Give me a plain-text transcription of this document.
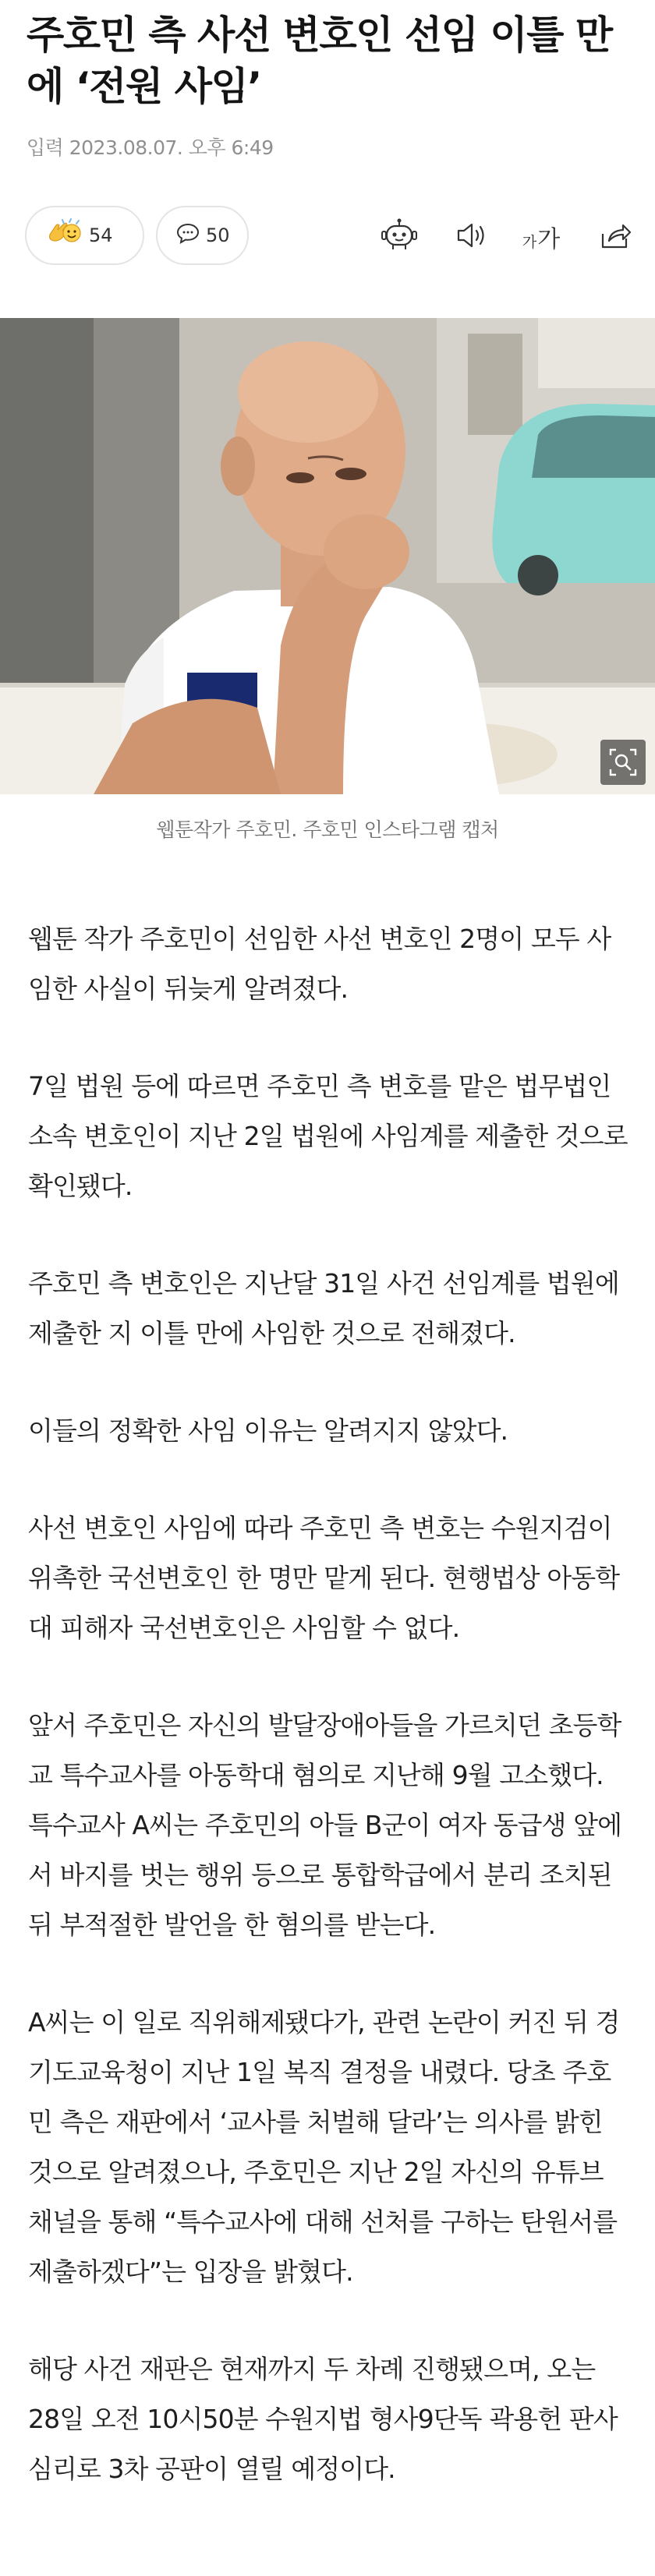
주호민 측 사선 변호인 선임 이틀 만에 ‘전원 사임’
입력 2023.08.07. 오후 6:49
54	50	가가
웹툰작가 주호민. 주호민 인스타그램 캡처

웹툰 작가 주호민이 선임한 사선 변호인 2명이 모두 사임한 사실이 뒤늦게 알려졌다.

7일 법원 등에 따르면 주호민 측 변호를 맡은 법무법인 소속 변호인이 지난 2일 법원에 사임계를 제출한 것으로 확인됐다.

주호민 측 변호인은 지난달 31일 사건 선임계를 법원에 제출한 지 이틀 만에 사임한 것으로 전해졌다.

이들의 정확한 사임 이유는 알려지지 않았다.

사선 변호인 사임에 따라 주호민 측 변호는 수원지검이 위촉한 국선변호인 한 명만 맡게 된다. 현행법상 아동학대 피해자 국선변호인은 사임할 수 없다.

앞서 주호민은 자신의 발달장애아들을 가르치던 초등학교 특수교사를 아동학대 혐의로 지난해 9월 고소했다. 특수교사 A씨는 주호민의 아들 B군이 여자 동급생 앞에서 바지를 벗는 행위 등으로 통합학급에서 분리 조치된 뒤 부적절한 발언을 한 혐의를 받는다.

A씨는 이 일로 직위해제됐다가, 관련 논란이 커진 뒤 경기도교육청이 지난 1일 복직 결정을 내렸다. 당초 주호민 측은 재판에서 ‘교사를 처벌해 달라’는 의사를 밝힌 것으로 알려졌으나, 주호민은 지난 2일 자신의 유튜브 채널을 통해 “특수교사에 대해 선처를 구하는 탄원서를 제출하겠다”는 입장을 밝혔다.

해당 사건 재판은 현재까지 두 차례 진행됐으며, 오는 28일 오전 10시50분 수원지법 형사9단독 곽용헌 판사 심리로 3차 공판이 열릴 예정이다.
